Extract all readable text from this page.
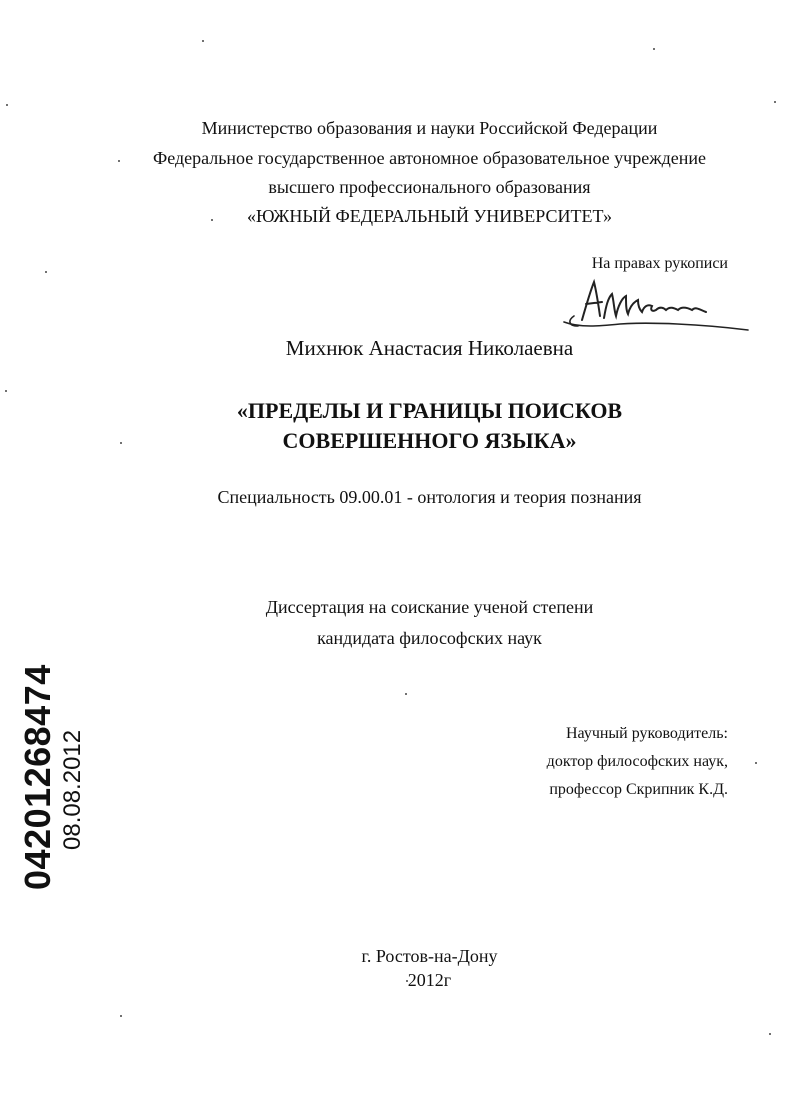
Министерство образования и науки Российской Федерации
Федеральное государственное автономное образовательное учреждение
высшего профессионального образования
«ЮЖНЫЙ ФЕДЕРАЛЬНЫЙ УНИВЕРСИТЕТ»
На правах рукописи
Михнюк Анастасия Николаевна
«ПРЕДЕЛЫ И ГРАНИЦЫ ПОИСКОВ
СОВЕРШЕННОГО ЯЗЫКА»
Специальность 09.00.01 - онтология и теория познания
Диссертация на соискание ученой степени
кандидата философских наук
Научный руководитель:
доктор философских наук,
профессор Скрипник К.Д.
г. Ростов-на-Дону
2012г
04201268474 08.08.2012
